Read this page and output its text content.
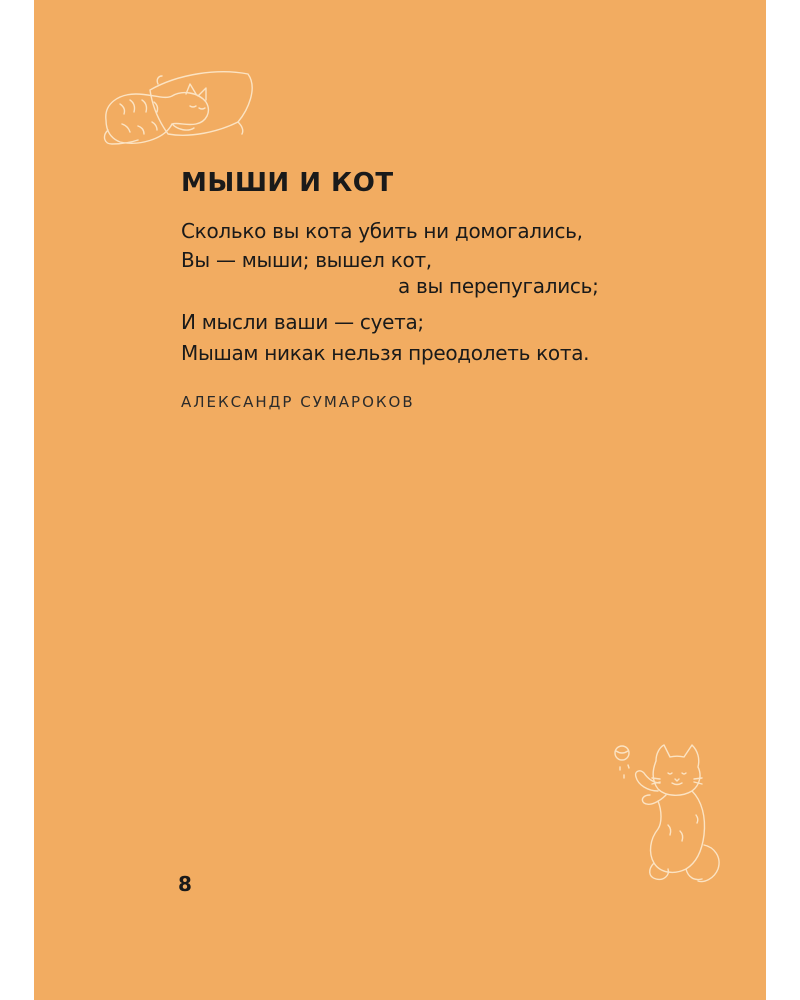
МЫШИ И КОТ
Сколько вы кота убить ни домогались,
Вы — мыши; вышел кот,
а вы перепугались;
И мысли ваши — суета;
Мышам никак нельзя преодолеть кота.
АЛЕКСАНДР СУМАРОКОВ
8
